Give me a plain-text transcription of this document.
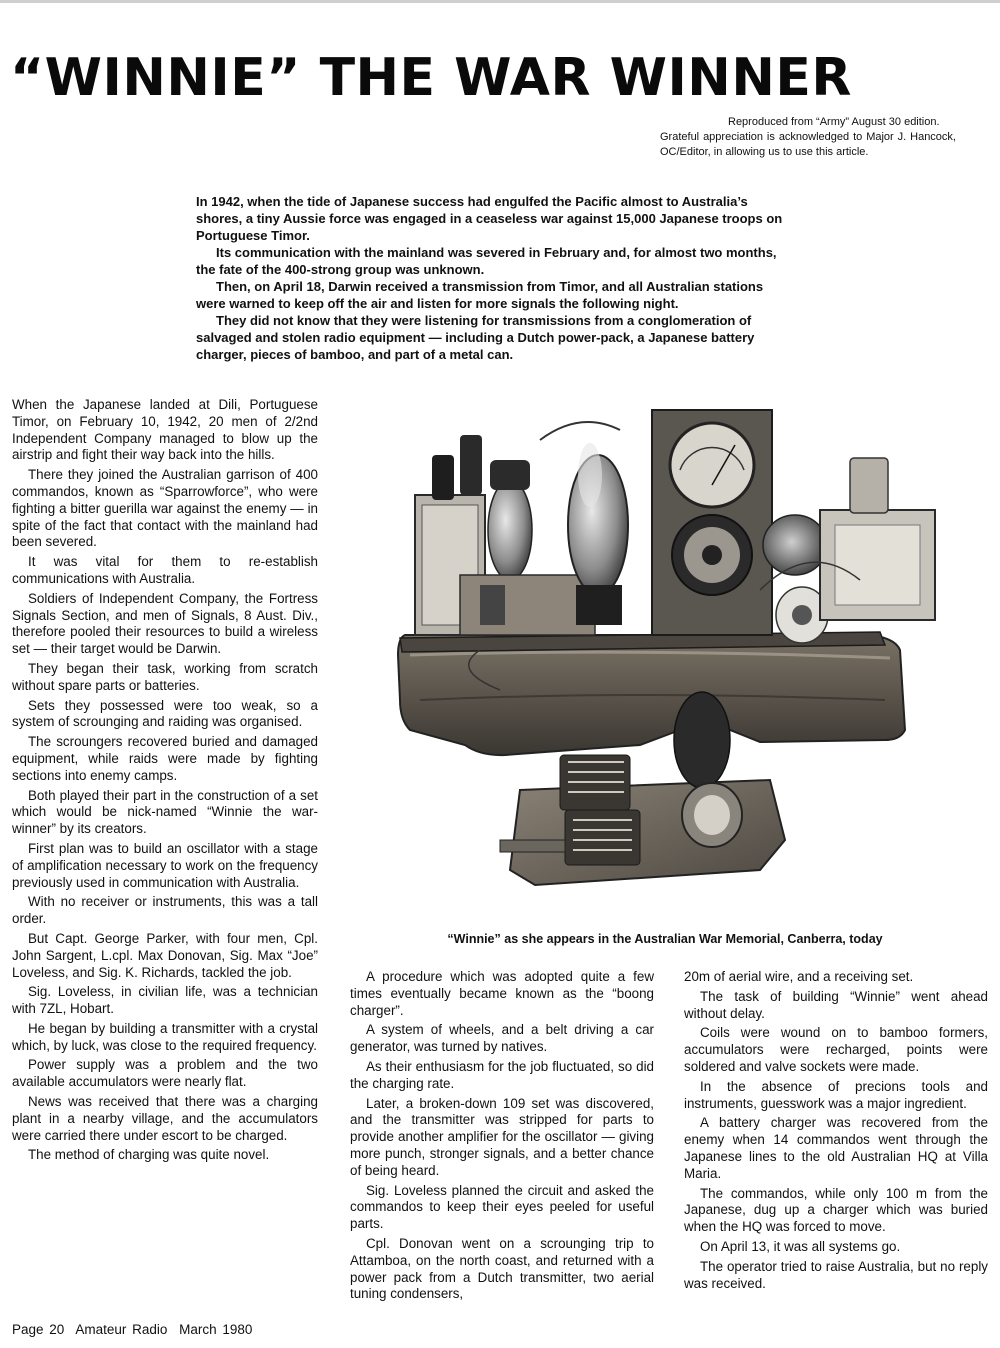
“WINNIE” THE WAR WINNER

Reproduced from “Army” August 30 edition.

Grateful appreciation is acknowledged to Major J. Hancock, OC/Editor, in allowing us to use this article.

In 1942, when the tide of Japanese success had engulfed the Pacific almost to Australia’s shores, a tiny Aussie force was engaged in a ceaseless war against 15,000 Japanese troops on Portuguese Timor.

Its communication with the mainland was severed in February and, for almost two months, the fate of the 400-strong group was unknown.

Then, on April 18, Darwin received a transmission from Timor, and all Australian stations were warned to keep off the air and listen for more signals the following night.

They did not know that they were listening for transmissions from a conglomeration of salvaged and stolen radio equipment — including a Dutch power-pack, a Japanese battery charger, pieces of bamboo, and part of a metal can.

When the Japanese landed at Dili, Portuguese Timor, on February 10, 1942, 20 men of 2/2nd Independent Company managed to blow up the airstrip and fight their way back into the hills.

There they joined the Australian garrison of 400 commandos, known as “Sparrowforce”, who were fighting a bitter guerilla war against the enemy — in spite of the fact that contact with the mainland had been severed.

It was vital for them to re-establish communications with Australia.

Soldiers of Independent Company, the Fortress Signals Section, and men of Signals, 8 Aust. Div., therefore pooled their resources to build a wireless set — their target would be Darwin.

They began their task, working from scratch without spare parts or batteries.

Sets they possessed were too weak, so a system of scrounging and raiding was organised.

The scroungers recovered buried and damaged equipment, while raids were made by fighting sections into enemy camps.

Both played their part in the construction of a set which would be nick-named “Winnie the war-winner” by its creators.

First plan was to build an oscillator with a stage of amplification necessary to work on the frequency previously used in communication with Australia.

With no receiver or instruments, this was a tall order.

But Capt. George Parker, with four men, Cpl. John Sargent, L.cpl. Max Donovan, Sig. Max “Joe” Loveless, and Sig. K. Richards, tackled the job.

Sig. Loveless, in civilian life, was a technician with 7ZL, Hobart.

He began by building a transmitter with a crystal which, by luck, was close to the required frequency.

Power supply was a problem and the two available accumulators were nearly flat.

News was received that there was a charging plant in a nearby village, and the accumulators were carried there under escort to be charged.

The method of charging was quite novel.

“Winnie” as she appears in the Australian War Memorial, Canberra, today

A procedure which was adopted quite a few times eventually became known as the “boong charger”.

A system of wheels, and a belt driving a car generator, was turned by natives.

As their enthusiasm for the job fluctuated, so did the charging rate.

Later, a broken-down 109 set was discovered, and the transmitter was stripped for parts to provide another amplifier for the oscillator — giving more punch, stronger signals, and a better chance of being heard.

Sig. Loveless planned the circuit and asked the commandos to keep their eyes peeled for useful parts.

Cpl. Donovan went on a scrounging trip to Attamboa, on the north coast, and returned with a power pack from a Dutch transmitter, two aerial tuning condensers,

20m of aerial wire, and a receiving set.

The task of building “Winnie” went ahead without delay.

Coils were wound on to bamboo formers, accumulators were recharged, points were soldered and valve sockets were made.

In the absence of precions tools and instruments, guesswork was a major ingredient.

A battery charger was recovered from the enemy when 14 commandos went through the Japanese lines to the old Australian HQ at Villa Maria.

The commandos, while only 100 m from the Japanese, dug up a charger which was buried when the HQ was forced to move.

On April 13, it was all systems go.

The operator tried to raise Australia, but no reply was received.

Page 20 Amateur Radio March 1980
